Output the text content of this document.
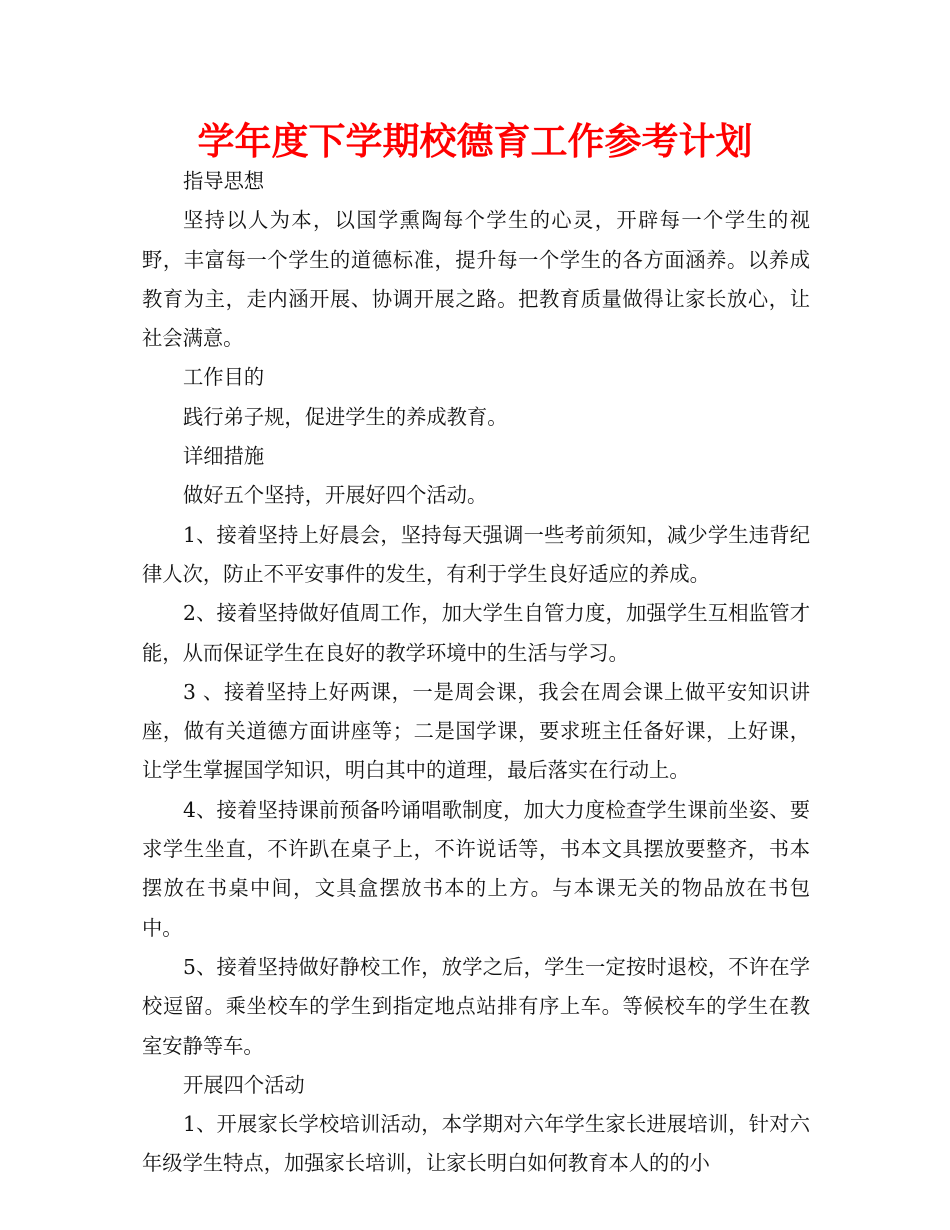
学年度下学期校德育工作参考计划

指导思想

坚持以人为本，以国学熏陶每个学生的心灵，开辟每一个学生的视野，丰富每一个学生的道德标准，提升每一个学生的各方面涵养。以养成教育为主，走内涵开展、协调开展之路。把教育质量做得让家长放心，让社会满意。

工作目的

践行弟子规，促进学生的养成教育。

详细措施

做好五个坚持，开展好四个活动。

1、接着坚持上好晨会，坚持每天强调一些考前须知，减少学生违背纪律人次，防止不平安事件的发生，有利于学生良好适应的养成。

2、接着坚持做好值周工作，加大学生自管力度，加强学生互相监管才能，从而保证学生在良好的教学环境中的生活与学习。

3 、接着坚持上好两课，一是周会课，我会在周会课上做平安知识讲座，做有关道德方面讲座等；二是国学课，要求班主任备好课，上好课，让学生掌握国学知识，明白其中的道理，最后落实在行动上。

4、接着坚持课前预备吟诵唱歌制度，加大力度检查学生课前坐姿、要求学生坐直，不许趴在桌子上，不许说话等，书本文具摆放要整齐，书本摆放在书桌中间，文具盒摆放书本的上方。与本课无关的物品放在书包中。

5、接着坚持做好静校工作，放学之后，学生一定按时退校，不许在学校逗留。乘坐校车的学生到指定地点站排有序上车。等候校车的学生在教室安静等车。

开展四个活动

1、开展家长学校培训活动，本学期对六年学生家长进展培训，针对六年级学生特点，加强家长培训，让家长明白如何教育本人的的小
